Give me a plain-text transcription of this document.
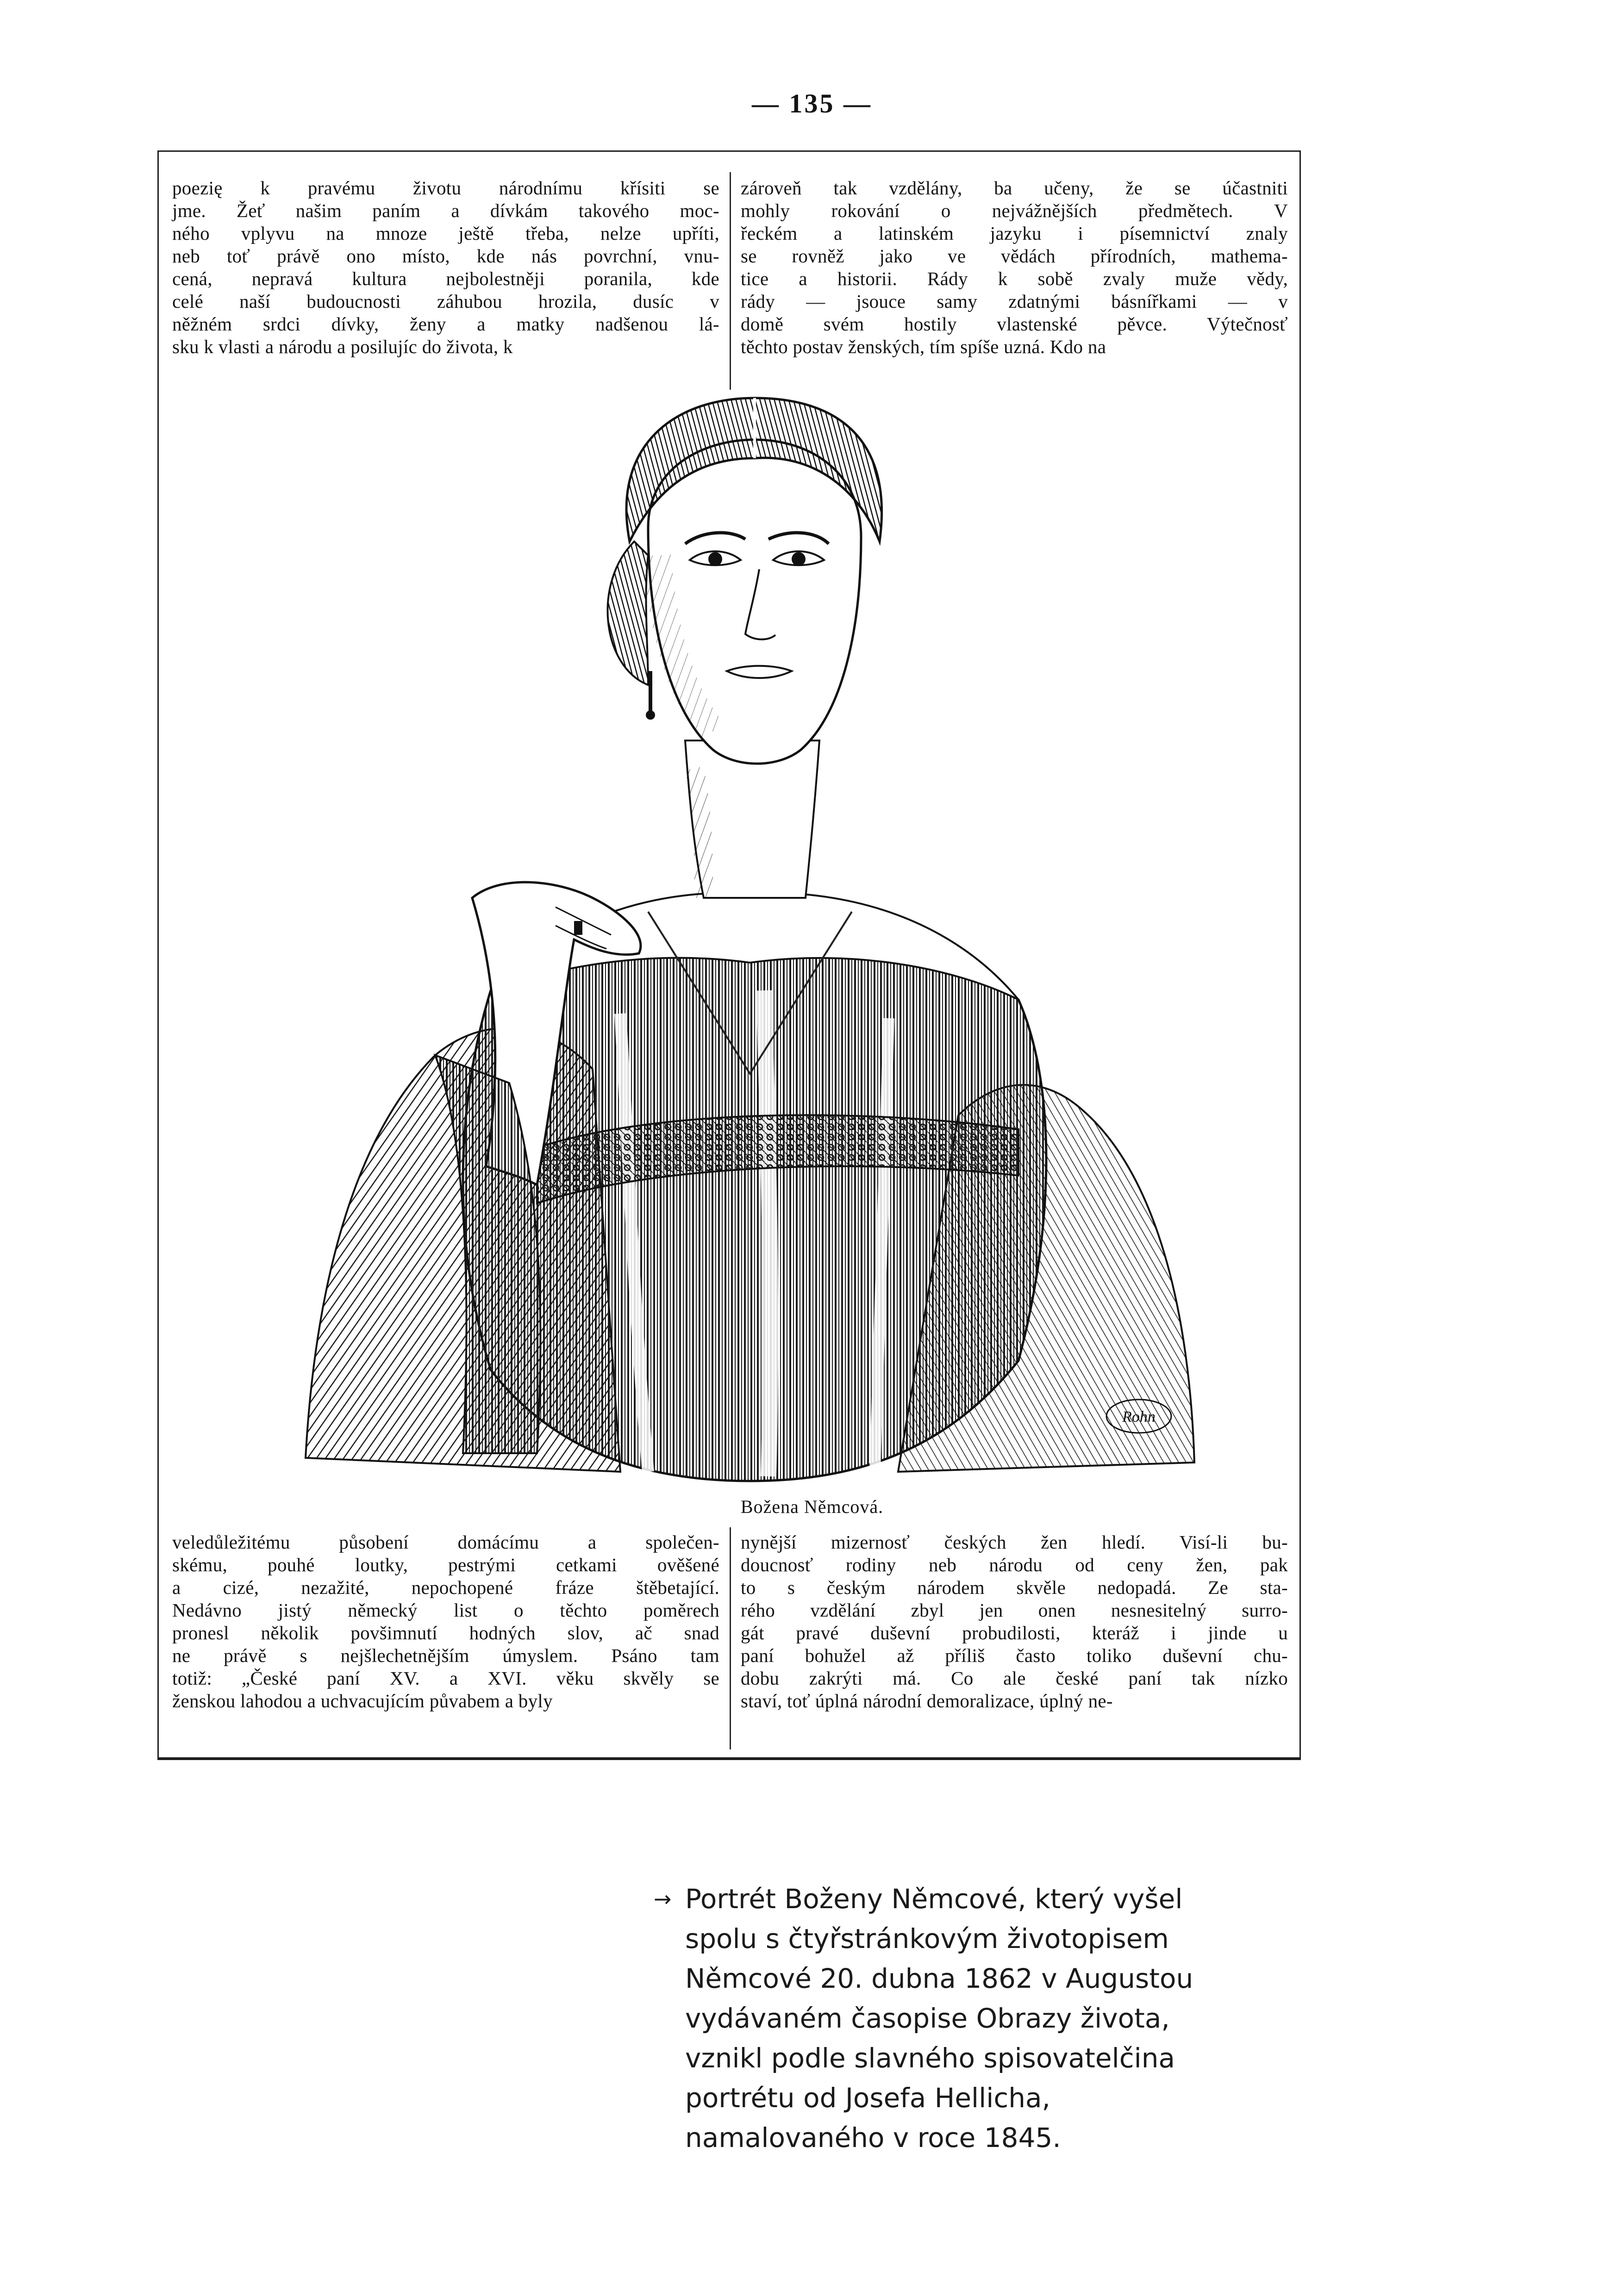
— 135 —
poezię k pravému životu národnímu křísiti se
jme. Žeť našim paním a dívkám takového moc-
ného vplyvu na mnoze ještě třeba, nelze upříti,
neb toť právě ono místo, kde nás povrchní, vnu-
cená, nepravá kultura nejbolestněji poranila, kde
celé naší budoucnosti záhubou hrozila, dusíc v
něžném srdci dívky, ženy a matky nadšenou lá-
sku k vlasti a národu a posilujíc do života, k
zároveň tak vzdělány, ba učeny, že se účastniti
mohly rokování o nejvážnějších předmětech. V
řeckém a latinském jazyku i písemnictví znaly
se rovněž jako ve vědách přírodních, mathema-
tice a historii. Rády k sobě zvaly muže vědy,
rády — jsouce samy zdatnými básnířkami — v
domě svém hostily vlastenské pěvce. Výtečnosť
těchto postav ženských, tím spíše uzná. Kdo na
Rohn
Božena Němcová.
veledůležitému působení domácímu a společen-
skému, pouhé loutky, pestrými cetkami ověšené
a cizé, nezažité, nepochopené fráze štěbetající.
Nedávno jistý německý list o těchto poměrech
pronesl několik povšimnutí hodných slov, ač snad
ne právě s nejšlechetnějším úmyslem. Psáno tam
totiž: „České paní XV. a XVI. věku skvěly se
ženskou lahodou a uchvacujícím půvabem a byly
nynější mizernosť českých žen hledí. Visí-li bu-
doucnosť rodiny neb národu od ceny žen, pak
to s českým národem skvěle nedopadá. Ze sta-
rého vzdělání zbyl jen onen nesnesitelný surro-
gát pravé duševní probudilosti, kteráž i jinde u
paní bohužel až příliš často toliko duševní chu-
dobu zakrýti má. Co ale české paní tak nízko
staví, toť úplná národní demoralizace, úplný ne-
→ Portrét Boženy Němcové, který vyšel
spolu s čtyřstránkovým životopisem
Němcové 20. dubna 1862 v Augustou
vydávaném časopise Obrazy života,
vznikl podle slavného spisovatelčina
portrétu od Josefa Hellicha,
namalovaného v roce 1845.
